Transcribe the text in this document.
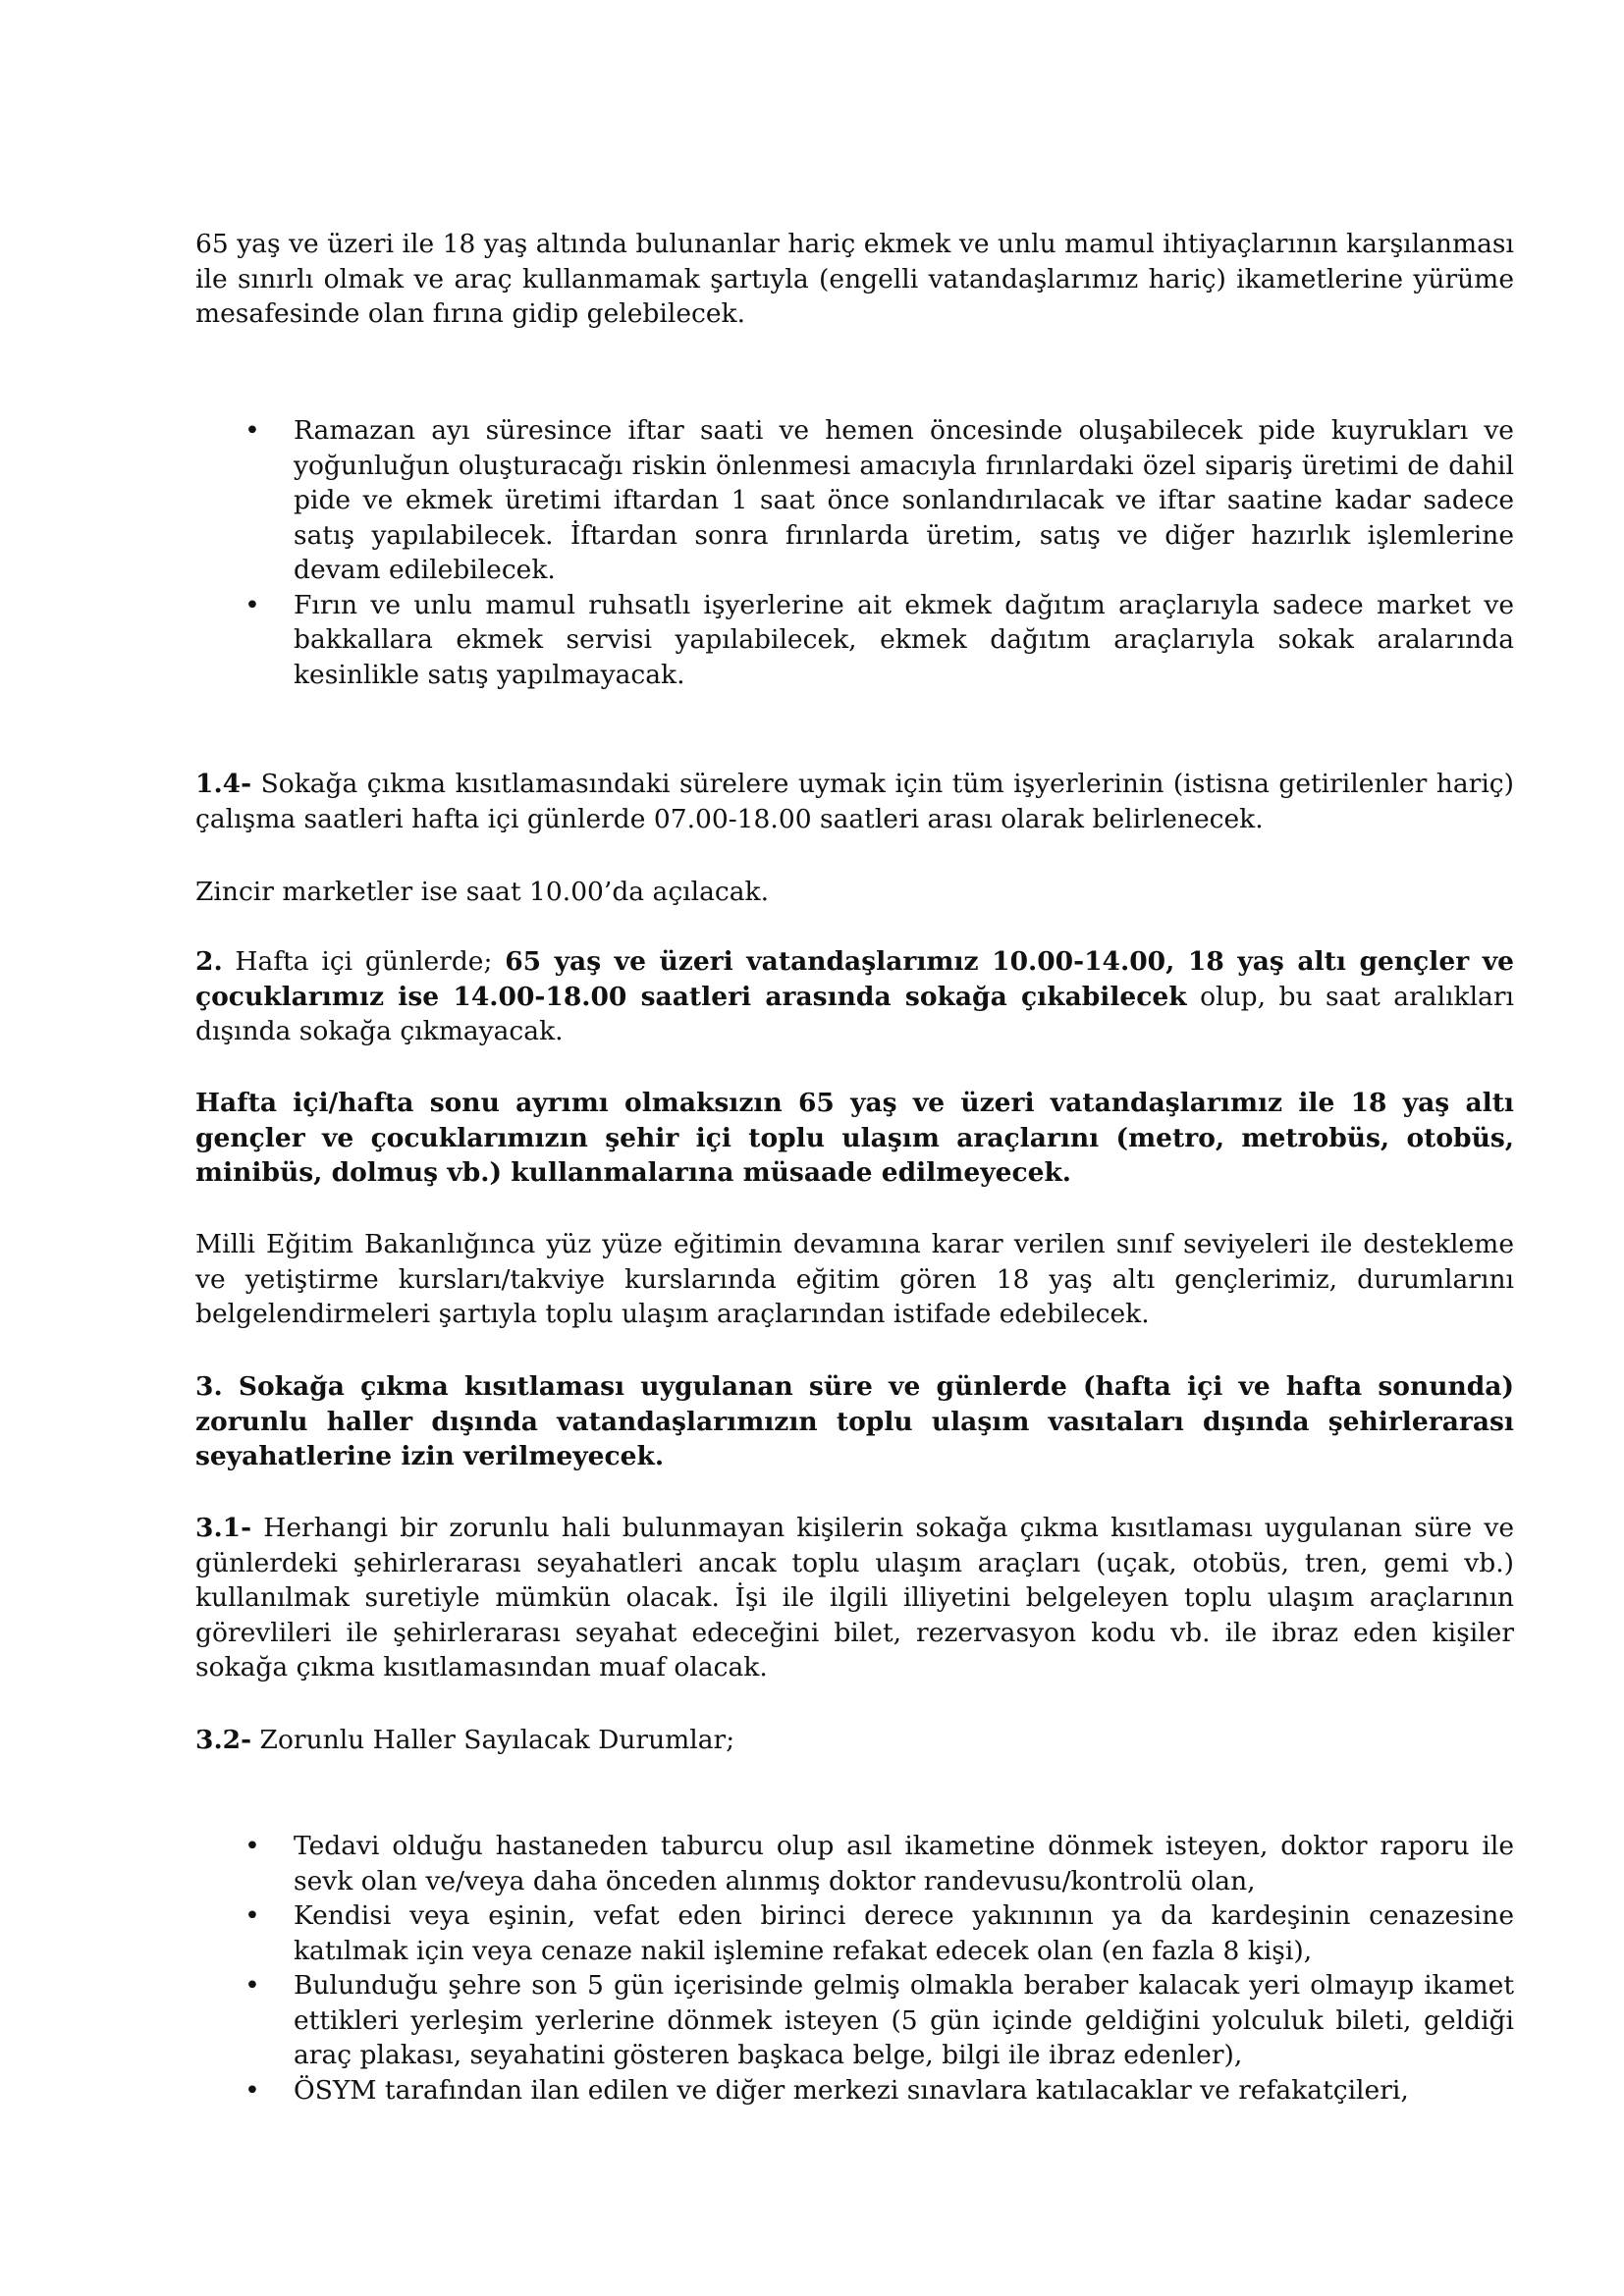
65 yaş ve üzeri ile 18 yaş altında bulunanlar hariç ekmek ve unlu mamul ihtiyaçlarının karşılanması ile sınırlı olmak ve araç kullanmamak şartıyla (engelli vatandaşlarımız hariç) ikametlerine yürüme mesafesinde olan fırına gidip gelebilecek.

• Ramazan ayı süresince iftar saati ve hemen öncesinde oluşabilecek pide kuyrukları ve yoğunluğun oluşturacağı riskin önlenmesi amacıyla fırınlardaki özel sipariş üretimi de dahil pide ve ekmek üretimi iftardan 1 saat önce sonlandırılacak ve iftar saatine kadar sadece satış yapılabilecek. İftardan sonra fırınlarda üretim, satış ve diğer hazırlık işlemlerine devam edilebilecek.
• Fırın ve unlu mamul ruhsatlı işyerlerine ait ekmek dağıtım araçlarıyla sadece market ve bakkallara ekmek servisi yapılabilecek, ekmek dağıtım araçlarıyla sokak aralarında kesinlikle satış yapılmayacak.

1.4- Sokağa çıkma kısıtlamasındaki sürelere uymak için tüm işyerlerinin (istisna getirilenler hariç) çalışma saatleri hafta içi günlerde 07.00-18.00 saatleri arası olarak belirlenecek.

Zincir marketler ise saat 10.00’da açılacak.

2. Hafta içi günlerde; 65 yaş ve üzeri vatandaşlarımız 10.00-14.00, 18 yaş altı gençler ve çocuklarımız ise 14.00-18.00 saatleri arasında sokağa çıkabilecek olup, bu saat aralıkları dışında sokağa çıkmayacak.

Hafta içi/hafta sonu ayrımı olmaksızın 65 yaş ve üzeri vatandaşlarımız ile 18 yaş altı gençler ve çocuklarımızın şehir içi toplu ulaşım araçlarını (metro, metrobüs, otobüs, minibüs, dolmuş vb.) kullanmalarına müsaade edilmeyecek.

Milli Eğitim Bakanlığınca yüz yüze eğitimin devamına karar verilen sınıf seviyeleri ile destekleme ve yetiştirme kursları/takviye kurslarında eğitim gören 18 yaş altı gençlerimiz, durumlarını belgelendirmeleri şartıyla toplu ulaşım araçlarından istifade edebilecek.

3. Sokağa çıkma kısıtlaması uygulanan süre ve günlerde (hafta içi ve hafta sonunda) zorunlu haller dışında vatandaşlarımızın toplu ulaşım vasıtaları dışında şehirlerarası seyahatlerine izin verilmeyecek.

3.1- Herhangi bir zorunlu hali bulunmayan kişilerin sokağa çıkma kısıtlaması uygulanan süre ve günlerdeki şehirlerarası seyahatleri ancak toplu ulaşım araçları (uçak, otobüs, tren, gemi vb.) kullanılmak suretiyle mümkün olacak. İşi ile ilgili illiyetini belgeleyen toplu ulaşım araçlarının görevlileri ile şehirlerarası seyahat edeceğini bilet, rezervasyon kodu vb. ile ibraz eden kişiler sokağa çıkma kısıtlamasından muaf olacak.

3.2- Zorunlu Haller Sayılacak Durumlar;

• Tedavi olduğu hastaneden taburcu olup asıl ikametine dönmek isteyen, doktor raporu ile sevk olan ve/veya daha önceden alınmış doktor randevusu/kontrolü olan,
• Kendisi veya eşinin, vefat eden birinci derece yakınının ya da kardeşinin cenazesine katılmak için veya cenaze nakil işlemine refakat edecek olan (en fazla 8 kişi),
• Bulunduğu şehre son 5 gün içerisinde gelmiş olmakla beraber kalacak yeri olmayıp ikamet ettikleri yerleşim yerlerine dönmek isteyen (5 gün içinde geldiğini yolculuk bileti, geldiği araç plakası, seyahatini gösteren başkaca belge, bilgi ile ibraz edenler),
• ÖSYM tarafından ilan edilen ve diğer merkezi sınavlara katılacaklar ve refakatçileri,
